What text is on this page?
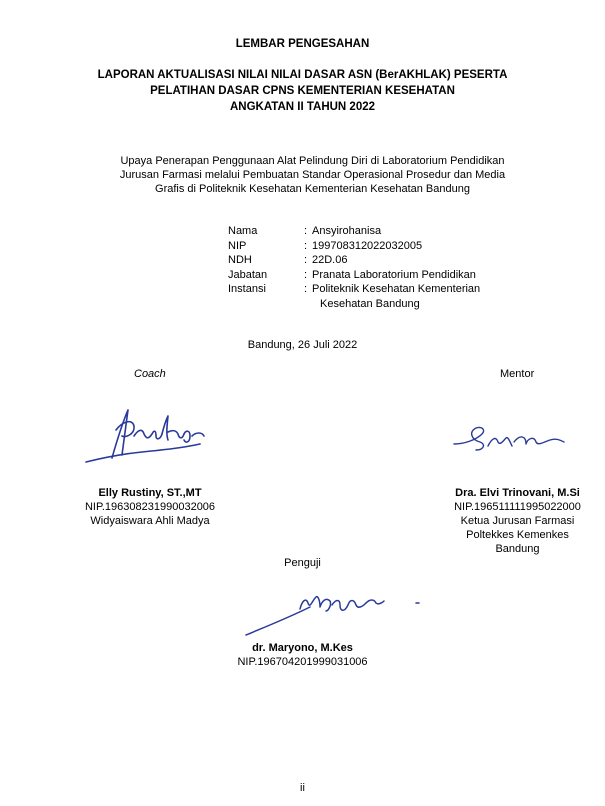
LEMBAR PENGESAHAN
LAPORAN AKTUALISASI NILAI NILAI DASAR ASN (BerAKHLAK) PESERTA
PELATIHAN DASAR CPNS KEMENTERIAN KESEHATAN
ANGKATAN II TAHUN 2022
Upaya Penerapan Penggunaan Alat Pelindung Diri di Laboratorium Pendidikan
Jurusan Farmasi melalui Pembuatan Standar Operasional Prosedur dan Media
Grafis di Politeknik Kesehatan Kementerian Kesehatan Bandung
Nama	: Ansyirohanisa
NIP	: 199708312022032005
NDH	: 22D.06
Jabatan	: Pranata Laboratorium Pendidikan
Instansi	: Politeknik Kesehatan Kementerian
Kesehatan Bandung
Bandung, 26 Juli 2022
Coach	Mentor
Elly Rustiny, ST.,MT
NIP.196308231990032006
Widyaiswara Ahli Madya
Dra. Elvi Trinovani, M.Si
NIP.196511111995022000
Ketua Jurusan Farmasi
Poltekkes Kemenkes
Bandung
Penguji
dr. Maryono, M.Kes
NIP.196704201999031006
ii
